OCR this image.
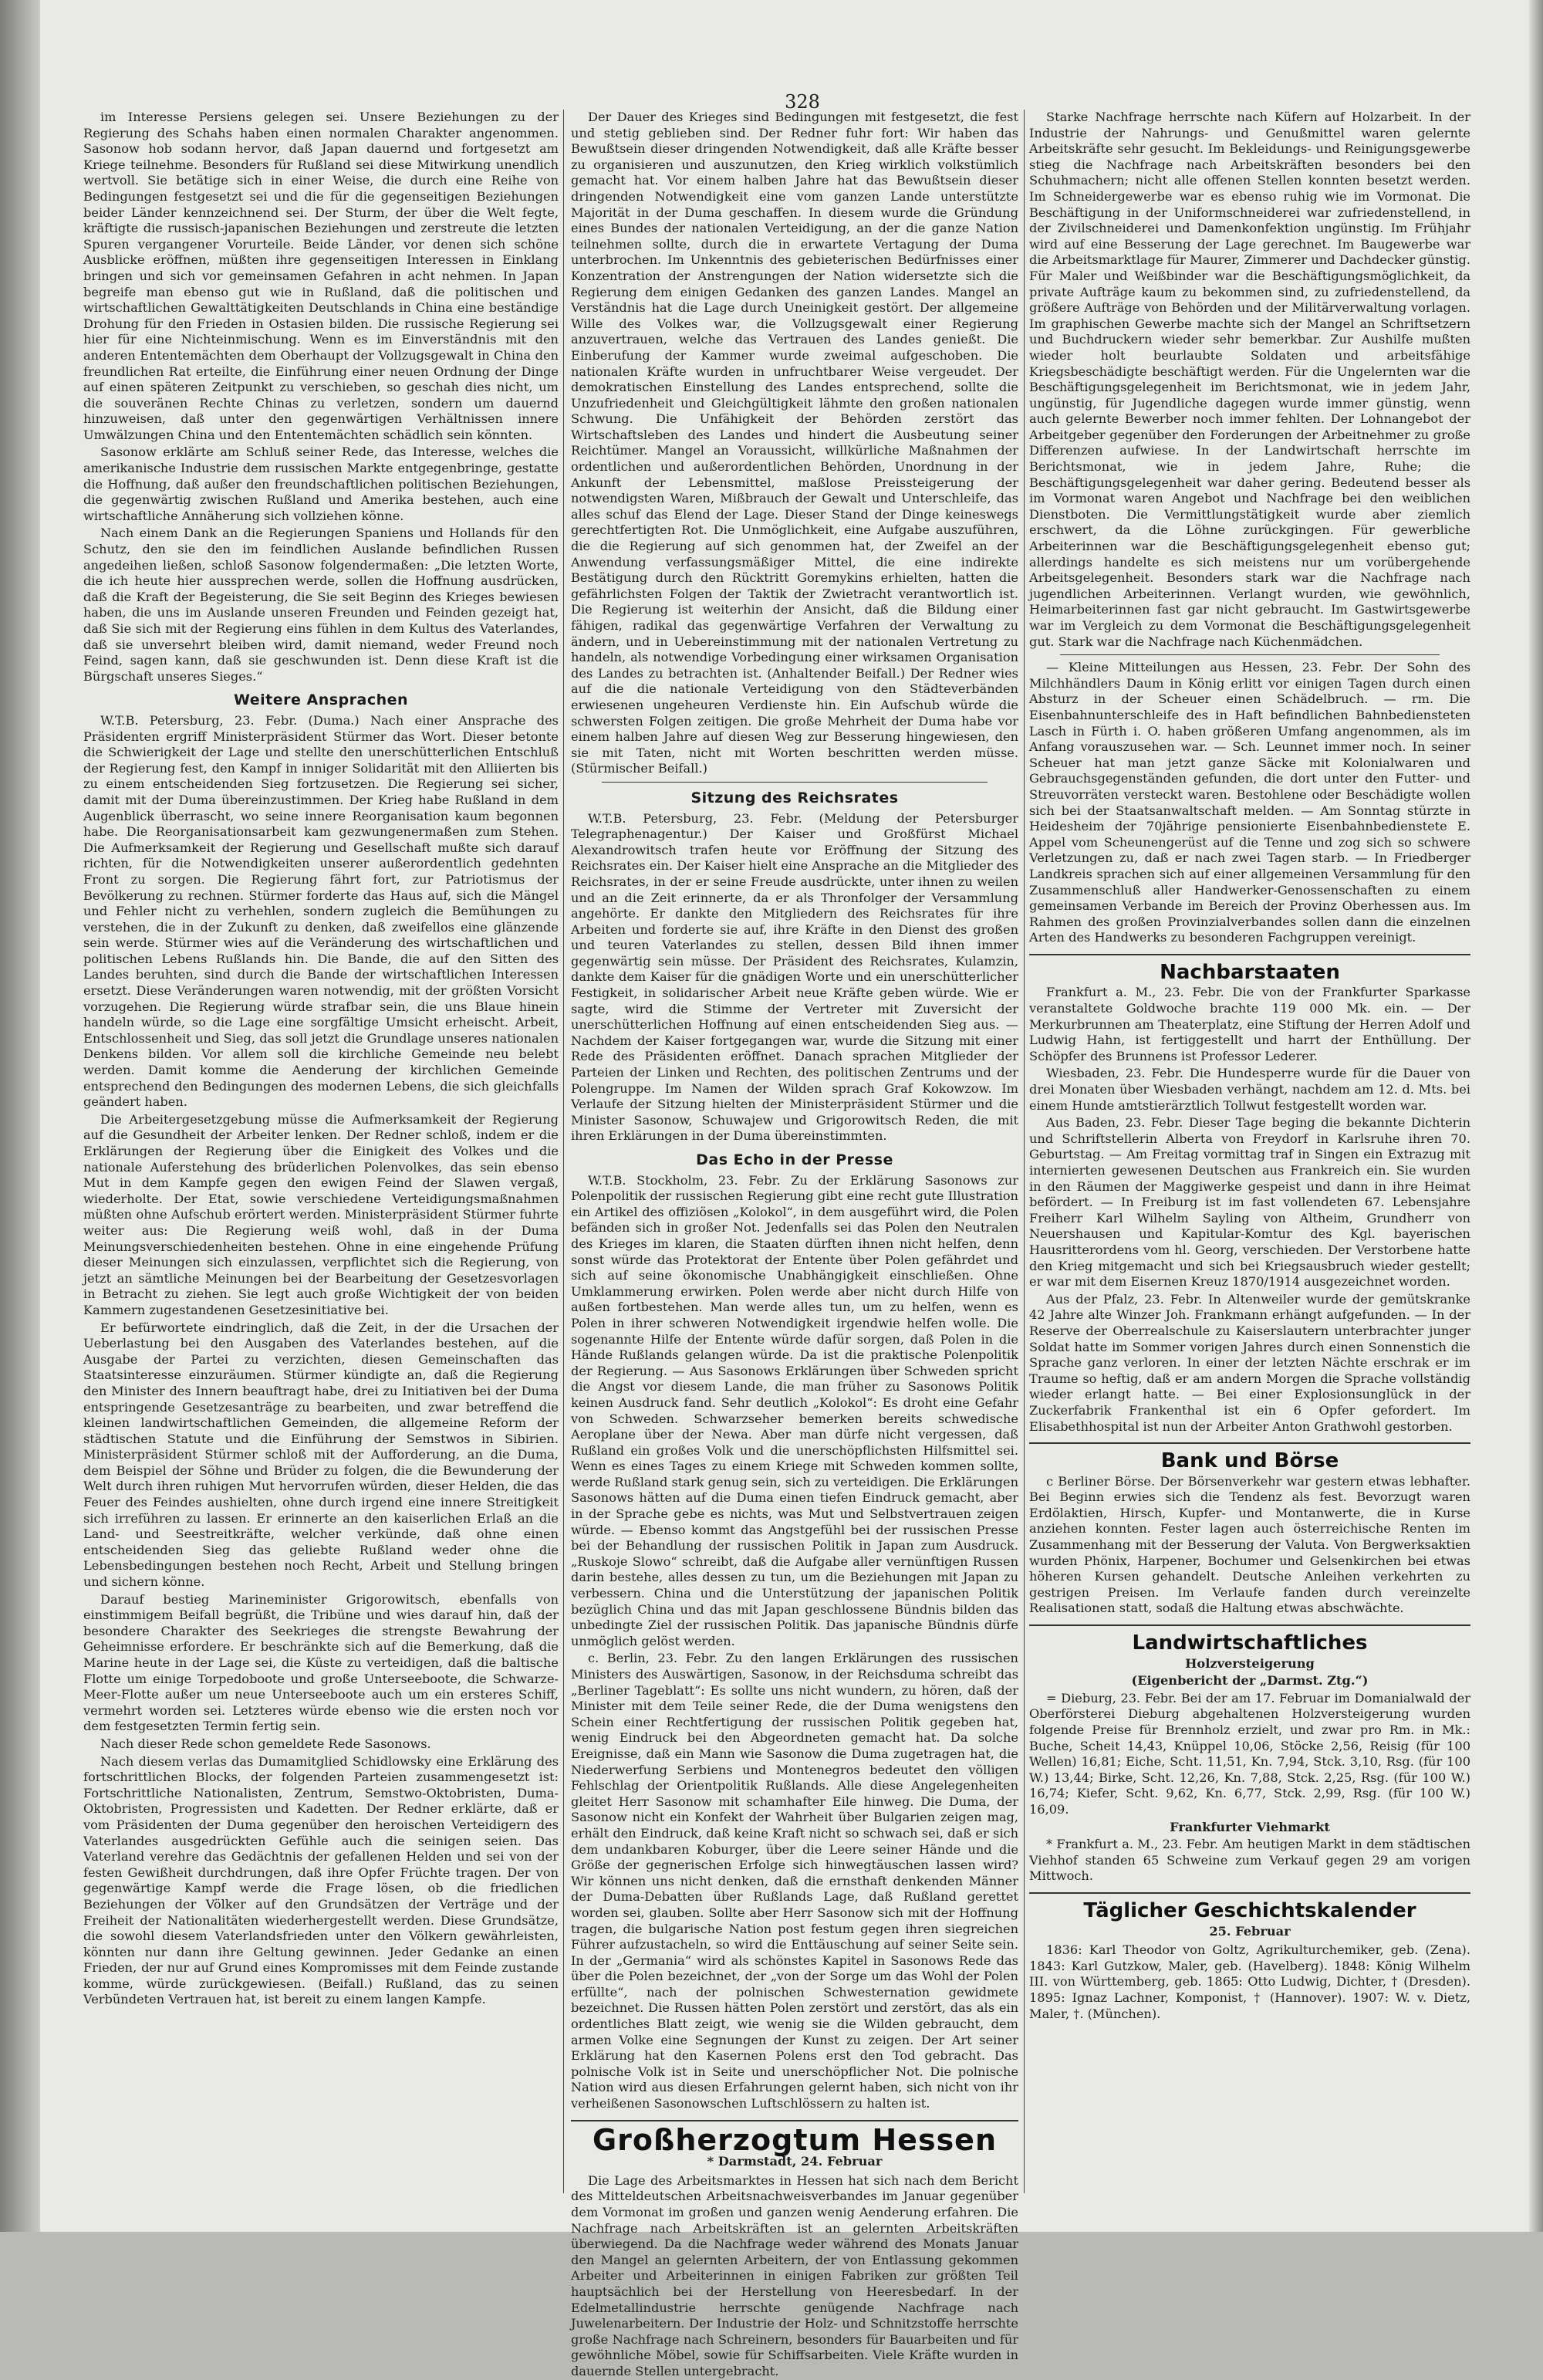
328

im Interesse Persiens gelegen sei. Unsere Beziehungen zu der Regierung des Schahs haben einen normalen Charakter angenommen. Sasonow hob sodann hervor, daß Japan dauernd und fortgesetzt am Kriege teilnehme. Besonders für Rußland sei diese Mitwirkung unendlich wertvoll. Sie betätige sich in einer Weise, die durch eine Reihe von Bedingungen festgesetzt sei und die für die gegenseitigen Beziehungen beider Länder kennzeichnend sei. Der Sturm, der über die Welt fegte, kräftigte die russisch-japanischen Beziehungen und zerstreute die letzten Spuren vergangener Vorurteile. Beide Länder, vor denen sich schöne Ausblicke eröffnen, müßten ihre gegenseitigen Interessen in Einklang bringen und sich vor gemeinsamen Gefahren in acht nehmen. In Japan begreife man ebenso gut wie in Rußland, daß die politischen und wirtschaftlichen Gewalttätigkeiten Deutschlands in China eine beständige Drohung für den Frieden in Ostasien bilden. Die russische Regierung sei hier für eine Nichteinmischung. Wenn es im Einverständnis mit den anderen Ententemächten dem Oberhaupt der Vollzugsgewalt in China den freundlichen Rat erteilte, die Einführung einer neuen Ordnung der Dinge auf einen späteren Zeitpunkt zu verschieben, so geschah dies nicht, um die souveränen Rechte Chinas zu verletzen, sondern um dauernd hinzuweisen, daß unter den gegenwärtigen Verhältnissen innere Umwälzungen China und den Ententemächten schädlich sein könnten.

Sasonow erklärte am Schluß seiner Rede, das Interesse, welches die amerikanische Industrie dem russischen Markte entgegenbringe, gestatte die Hoffnung, daß außer den freundschaftlichen politischen Beziehungen, die gegenwärtig zwischen Rußland und Amerika bestehen, auch eine wirtschaftliche Annäherung sich vollziehen könne.

Nach einem Dank an die Regierungen Spaniens und Hollands für den Schutz, den sie den im feindlichen Auslande befindlichen Russen angedeihen ließen, schloß Sasonow folgendermaßen: „Die letzten Worte, die ich heute hier aussprechen werde, sollen die Hoffnung ausdrücken, daß die Kraft der Begeisterung, die Sie seit Beginn des Krieges bewiesen haben, die uns im Auslande unseren Freunden und Feinden gezeigt hat, daß Sie sich mit der Regierung eins fühlen in dem Kultus des Vaterlandes, daß sie unversehrt bleiben wird, damit niemand, weder Freund noch Feind, sagen kann, daß sie geschwunden ist. Denn diese Kraft ist die Bürgschaft unseres Sieges.“

Weitere Ansprachen

W.T.B. Petersburg, 23. Febr. (Duma.) Nach einer Ansprache des Präsidenten ergriff Ministerpräsident Stürmer das Wort. Dieser betonte die Schwierigkeit der Lage und stellte den unerschütterlichen Entschluß der Regierung fest, den Kampf in inniger Solidarität mit den Alliierten bis zu einem entscheidenden Sieg fortzusetzen. Die Regierung sei sicher, damit mit der Duma übereinzustimmen. Der Krieg habe Rußland in dem Augenblick überrascht, wo seine innere Reorganisation kaum begonnen habe. Die Reorganisationsarbeit kam gezwungenermaßen zum Stehen. Die Aufmerksamkeit der Regierung und Gesellschaft mußte sich darauf richten, für die Notwendigkeiten unserer außerordentlich gedehnten Front zu sorgen. Die Regierung fährt fort, zur Patriotismus der Bevölkerung zu rechnen. Stürmer forderte das Haus auf, sich die Mängel und Fehler nicht zu verhehlen, sondern zugleich die Bemühungen zu verstehen, die in der Zukunft zu denken, daß zweifellos eine glänzende sein werde. Stürmer wies auf die Veränderung des wirtschaftlichen und politischen Lebens Rußlands hin. Die Bande, die auf den Sitten des Landes beruhten, sind durch die Bande der wirtschaftlichen Interessen ersetzt. Diese Veränderungen waren notwendig, mit der größten Vorsicht vorzugehen. Die Regierung würde strafbar sein, die uns Blaue hinein handeln würde, so die Lage eine sorgfältige Umsicht erheischt. Arbeit, Entschlossenheit und Sieg, das soll jetzt die Grundlage unseres nationalen Denkens bilden. Vor allem soll die kirchliche Gemeinde neu belebt werden. Damit komme die Aenderung der kirchlichen Gemeinde entsprechend den Bedingungen des modernen Lebens, die sich gleichfalls geändert haben.

Die Arbeitergesetzgebung müsse die Aufmerksamkeit der Regierung auf die Gesundheit der Arbeiter lenken. Der Redner schloß, indem er die Erklärungen der Regierung über die Einigkeit des Volkes und die nationale Auferstehung des brüderlichen Polenvolkes, das sein ebenso Mut in dem Kampfe gegen den ewigen Feind der Slawen vergaß, wiederholte. Der Etat, sowie verschiedene Verteidigungsmaßnahmen müßten ohne Aufschub erörtert werden. Ministerpräsident Stürmer fuhrte weiter aus: Die Regierung weiß wohl, daß in der Duma Meinungsverschiedenheiten bestehen. Ohne in eine eingehende Prüfung dieser Meinungen sich einzulassen, verpflichtet sich die Regierung, von jetzt an sämtliche Meinungen bei der Bearbeitung der Gesetzesvorlagen in Betracht zu ziehen. Sie legt auch große Wichtigkeit der von beiden Kammern zugestandenen Gesetzesinitiative bei.

Er befürwortete eindringlich, daß die Zeit, in der die Ursachen der Ueberlastung bei den Ausgaben des Vaterlandes bestehen, auf die Ausgabe der Partei zu verzichten, diesen Gemeinschaften das Staatsinteresse einzuräumen. Stürmer kündigte an, daß die Regierung den Minister des Innern beauftragt habe, drei zu Initiativen bei der Duma entspringende Gesetzesanträge zu bearbeiten, und zwar betreffend die kleinen landwirtschaftlichen Gemeinden, die allgemeine Reform der städtischen Statute und die Einführung der Semstwos in Sibirien. Ministerpräsident Stürmer schloß mit der Aufforderung, an die Duma, dem Beispiel der Söhne und Brüder zu folgen, die die Bewunderung der Welt durch ihren ruhigen Mut hervorrufen würden, dieser Helden, die das Feuer des Feindes aushielten, ohne durch irgend eine innere Streitigkeit sich irreführen zu lassen. Er erinnerte an den kaiserlichen Erlaß an die Land- und Seestreitkräfte, welcher verkünde, daß ohne einen entscheidenden Sieg das geliebte Rußland weder ohne die Lebensbedingungen bestehen noch Recht, Arbeit und Stellung bringen und sichern könne.

Darauf bestieg Marineminister Grigorowitsch, ebenfalls von einstimmigem Beifall begrüßt, die Tribüne und wies darauf hin, daß der besondere Charakter des Seekrieges die strengste Bewahrung der Geheimnisse erfordere. Er beschränkte sich auf die Bemerkung, daß die Marine heute in der Lage sei, die Küste zu verteidigen, daß die baltische Flotte um einige Torpedoboote und große Unterseeboote, die Schwarze-Meer-Flotte außer um neue Unterseeboote auch um ein ersteres Schiff, vermehrt worden sei. Letzteres würde ebenso wie die ersten noch vor dem festgesetzten Termin fertig sein.

Nach dieser Rede schon gemeldete Rede Sasonows.

Nach diesem verlas das Dumamitglied Schidlowsky eine Erklärung des fortschrittlichen Blocks, der folgenden Parteien zusammengesetzt ist: Fortschrittliche Nationalisten, Zentrum, Semstwo-Oktobristen, Duma-Oktobristen, Progressisten und Kadetten. Der Redner erklärte, daß er vom Präsidenten der Duma gegenüber den heroischen Verteidigern des Vaterlandes ausgedrückten Gefühle auch die seinigen seien. Das Vaterland verehre das Gedächtnis der gefallenen Helden und sei von der festen Gewißheit durchdrungen, daß ihre Opfer Früchte tragen. Der von gegenwärtige Kampf werde die Frage lösen, ob die friedlichen Beziehungen der Völker auf den Grundsätzen der Verträge und der Freiheit der Nationalitäten wiederhergestellt werden. Diese Grundsätze, die sowohl diesem Vaterlandsfrieden unter den Völkern gewährleisten, könnten nur dann ihre Geltung gewinnen. Jeder Gedanke an einen Frieden, der nur auf Grund eines Kompromisses mit dem Feinde zustande komme, würde zurückgewiesen. (Beifall.) Rußland, das zu seinen Verbündeten Vertrauen hat, ist bereit zu einem langen Kampfe.

Der Dauer des Krieges sind Bedingungen mit festgesetzt, die fest und stetig geblieben sind. Der Redner fuhr fort: Wir haben das Bewußtsein dieser dringenden Notwendigkeit, daß alle Kräfte besser zu organisieren und auszunutzen, den Krieg wirklich volkstümlich gemacht hat. Vor einem halben Jahre hat das Bewußtsein dieser dringenden Notwendigkeit eine vom ganzen Lande unterstützte Majorität in der Duma geschaffen. In diesem wurde die Gründung eines Bundes der nationalen Verteidigung, an der die ganze Nation teilnehmen sollte, durch die in erwartete Vertagung der Duma unterbrochen. Im Unkenntnis des gebieterischen Bedürfnisses einer Konzentration der Anstrengungen der Nation widersetzte sich die Regierung dem einigen Gedanken des ganzen Landes. Mangel an Verständnis hat die Lage durch Uneinigkeit gestört. Der allgemeine Wille des Volkes war, die Vollzugsgewalt einer Regierung anzuvertrauen, welche das Vertrauen des Landes genießt. Die Einberufung der Kammer wurde zweimal aufgeschoben. Die nationalen Kräfte wurden in unfruchtbarer Weise vergeudet. Der demokratischen Einstellung des Landes entsprechend, sollte die Unzufriedenheit und Gleichgültigkeit lähmte den großen nationalen Schwung. Die Unfähigkeit der Behörden zerstört das Wirtschaftsleben des Landes und hindert die Ausbeutung seiner Reichtümer. Mangel an Voraussicht, willkürliche Maßnahmen der ordentlichen und außerordentlichen Behörden, Unordnung in der Ankunft der Lebensmittel, maßlose Preissteigerung der notwendigsten Waren, Mißbrauch der Gewalt und Unterschleife, das alles schuf das Elend der Lage. Dieser Stand der Dinge keineswegs gerechtfertigten Rot. Die Unmöglichkeit, eine Aufgabe auszuführen, die die Regierung auf sich genommen hat, der Zweifel an der Anwendung verfassungsmäßiger Mittel, die eine indirekte Bestätigung durch den Rücktritt Goremykins erhielten, hatten die gefährlichsten Folgen der Taktik der Zwietracht verantwortlich ist. Die Regierung ist weiterhin der Ansicht, daß die Bildung einer fähigen, radikal das gegenwärtige Verfahren der Verwaltung zu ändern, und in Uebereinstimmung mit der nationalen Vertretung zu handeln, als notwendige Vorbedingung einer wirksamen Organisation des Landes zu betrachten ist. (Anhaltender Beifall.) Der Redner wies auf die die nationale Verteidigung von den Städteverbänden erwiesenen ungeheuren Verdienste hin. Ein Aufschub würde die schwersten Folgen zeitigen. Die große Mehrheit der Duma habe vor einem halben Jahre auf diesen Weg zur Besserung hingewiesen, den sie mit Taten, nicht mit Worten beschritten werden müsse. (Stürmischer Beifall.)

Sitzung des Reichsrates

W.T.B. Petersburg, 23. Febr. (Meldung der Petersburger Telegraphenagentur.) Der Kaiser und Großfürst Michael Alexandrowitsch trafen heute vor Eröffnung der Sitzung des Reichsrates ein. Der Kaiser hielt eine Ansprache an die Mitglieder des Reichsrates, in der er seine Freude ausdrückte, unter ihnen zu weilen und an die Zeit erinnerte, da er als Thronfolger der Versammlung angehörte. Er dankte den Mitgliedern des Reichsrates für ihre Arbeiten und forderte sie auf, ihre Kräfte in den Dienst des großen und teuren Vaterlandes zu stellen, dessen Bild ihnen immer gegenwärtig sein müsse. Der Präsident des Reichsrates, Kulamzin, dankte dem Kaiser für die gnädigen Worte und ein unerschütterlicher Festigkeit, in solidarischer Arbeit neue Kräfte geben würde. Wie er sagte, wird die Stimme der Vertreter mit Zuversicht der unerschütterlichen Hoffnung auf einen entscheidenden Sieg aus. — Nachdem der Kaiser fortgegangen war, wurde die Sitzung mit einer Rede des Präsidenten eröffnet. Danach sprachen Mitglieder der Parteien der Linken und Rechten, des politischen Zentrums und der Polengruppe. Im Namen der Wilden sprach Graf Kokowzow. Im Verlaufe der Sitzung hielten der Ministerpräsident Stürmer und die Minister Sasonow, Schuwajew und Grigorowitsch Reden, die mit ihren Erklärungen in der Duma übereinstimmten.

Das Echo in der Presse

W.T.B. Stockholm, 23. Febr. Zu der Erklärung Sasonows zur Polenpolitik der russischen Regierung gibt eine recht gute Illustration ein Artikel des offiziösen „Kolokol“, in dem ausgeführt wird, die Polen befänden sich in großer Not. Jedenfalls sei das Polen den Neutralen des Krieges im klaren, die Staaten dürften ihnen nicht helfen, denn sonst würde das Protektorat der Entente über Polen gefährdet und sich auf seine ökonomische Unabhängigkeit einschließen. Ohne Umklammerung erwirken. Polen werde aber nicht durch Hilfe von außen fortbestehen. Man werde alles tun, um zu helfen, wenn es Polen in ihrer schweren Notwendigkeit irgendwie helfen wolle. Die sogenannte Hilfe der Entente würde dafür sorgen, daß Polen in die Hände Rußlands gelangen würde. Da ist die praktische Polenpolitik der Regierung. — Aus Sasonows Erklärungen über Schweden spricht die Angst vor diesem Lande, die man früher zu Sasonows Politik keinen Ausdruck fand. Sehr deutlich „Kolokol“: Es droht eine Gefahr von Schweden. Schwarzseher bemerken bereits schwedische Aeroplane über der Newa. Aber man dürfe nicht vergessen, daß Rußland ein großes Volk und die unerschöpflichsten Hilfsmittel sei. Wenn es eines Tages zu einem Kriege mit Schweden kommen sollte, werde Rußland stark genug sein, sich zu verteidigen. Die Erklärungen Sasonows hätten auf die Duma einen tiefen Eindruck gemacht, aber in der Sprache gebe es nichts, was Mut und Selbstvertrauen zeigen würde. — Ebenso kommt das Angstgefühl bei der russischen Presse bei der Behandlung der russischen Politik in Japan zum Ausdruck. „Ruskoje Slowo“ schreibt, daß die Aufgabe aller vernünftigen Russen darin bestehe, alles dessen zu tun, um die Beziehungen mit Japan zu verbessern. China und die Unterstützung der japanischen Politik bezüglich China und das mit Japan geschlossene Bündnis bilden das unbedingte Ziel der russischen Politik. Das japanische Bündnis dürfe unmöglich gelöst werden.

c. Berlin, 23. Febr. Zu den langen Erklärungen des russischen Ministers des Auswärtigen, Sasonow, in der Reichsduma schreibt das „Berliner Tageblatt“: Es sollte uns nicht wundern, zu hören, daß der Minister mit dem Teile seiner Rede, die der Duma wenigstens den Schein einer Rechtfertigung der russischen Politik gegeben hat, wenig Eindruck bei den Abgeordneten gemacht hat. Da solche Ereignisse, daß ein Mann wie Sasonow die Duma zugetragen hat, die Niederwerfung Serbiens und Montenegros bedeutet den völligen Fehlschlag der Orientpolitik Rußlands. Alle diese Angelegenheiten gleitet Herr Sasonow mit schamhafter Eile hinweg. Die Duma, der Sasonow nicht ein Konfekt der Wahrheit über Bulgarien zeigen mag, erhält den Eindruck, daß keine Kraft nicht so schwach sei, daß er sich dem undankbaren Koburger, über die Leere seiner Hände und die Größe der gegnerischen Erfolge sich hinwegtäuschen lassen wird? Wir können uns nicht denken, daß die ernsthaft denkenden Männer der Duma-Debatten über Rußlands Lage, daß Rußland gerettet worden sei, glauben. Sollte aber Herr Sasonow sich mit der Hoffnung tragen, die bulgarische Nation post festum gegen ihren siegreichen Führer aufzustacheln, so wird die Enttäuschung auf seiner Seite sein. In der „Germania“ wird als schönstes Kapitel in Sasonows Rede das über die Polen bezeichnet, der „von der Sorge um das Wohl der Polen erfüllte“, nach der polnischen Schwesternation gewidmete bezeichnet. Die Russen hätten Polen zerstört und zerstört, das als ein ordentliches Blatt zeigt, wie wenig sie die Wilden gebraucht, dem armen Volke eine Segnungen der Kunst zu zeigen. Der Art seiner Erklärung hat den Kasernen Polens erst den Tod gebracht. Das polnische Volk ist in Seite und unerschöpflicher Not. Die polnische Nation wird aus diesen Erfahrungen gelernt haben, sich nicht von ihr verheißenen Sasonowschen Luftschlössern zu halten ist.

Großherzogtum Hessen
* Darmstadt, 24. Februar

Die Lage des Arbeitsmarktes in Hessen hat sich nach dem Bericht des Mitteldeutschen Arbeitsnachweisverbandes im Januar gegenüber dem Vormonat im großen und ganzen wenig Aenderung erfahren. Die Nachfrage nach Arbeitskräften ist an gelernten Arbeitskräften überwiegend. Da die Nachfrage weder während des Monats Januar den Mangel an gelernten Arbeitern, der von Entlassung gekommen Arbeiter und Arbeiterinnen in einigen Fabriken zur größten Teil hauptsächlich bei der Herstellung von Heeresbedarf. In der Edelmetallindustrie herrschte genügende Nachfrage nach Juwelenarbeitern. Der Industrie der Holz- und Schnitzstoffe herrschte große Nachfrage nach Schreinern, besonders für Bauarbeiten und für gewöhnliche Möbel, sowie für Schiffsarbeiten. Viele Kräfte wurden in dauernde Stellen untergebracht.

Starke Nachfrage herrschte nach Küfern auf Holzarbeit. In der Industrie der Nahrungs- und Genußmittel waren gelernte Arbeitskräfte sehr gesucht. Im Bekleidungs- und Reinigungsgewerbe stieg die Nachfrage nach Arbeitskräften besonders bei den Schuhmachern; nicht alle offenen Stellen konnten besetzt werden. Im Schneidergewerbe war es ebenso ruhig wie im Vormonat. Die Beschäftigung in der Uniformschneiderei war zufriedenstellend, in der Zivilschneiderei und Damenkonfektion ungünstig. Im Frühjahr wird auf eine Besserung der Lage gerechnet. Im Baugewerbe war die Arbeitsmarktlage für Maurer, Zimmerer und Dachdecker günstig. Für Maler und Weißbinder war die Beschäftigungsmöglichkeit, da private Aufträge kaum zu bekommen sind, zu zufriedenstellend, da größere Aufträge von Behörden und der Militärverwaltung vorlagen. Im graphischen Gewerbe machte sich der Mangel an Schriftsetzern und Buchdruckern wieder sehr bemerkbar. Zur Aushilfe mußten wieder holt beurlaubte Soldaten und arbeitsfähige Kriegsbeschädigte beschäftigt werden. Für die Ungelernten war die Beschäftigungsgelegenheit im Berichtsmonat, wie in jedem Jahr, ungünstig, für Jugendliche dagegen wurde immer günstig, wenn auch gelernte Bewerber noch immer fehlten. Der Lohnangebot der Arbeitgeber gegenüber den Forderungen der Arbeitnehmer zu große Differenzen aufwiese. In der Landwirtschaft herrschte im Berichtsmonat, wie in jedem Jahre, Ruhe; die Beschäftigungsgelegenheit war daher gering. Bedeutend besser als im Vormonat waren Angebot und Nachfrage bei den weiblichen Dienstboten. Die Vermittlungstätigkeit wurde aber ziemlich erschwert, da die Löhne zurückgingen. Für gewerbliche Arbeiterinnen war die Beschäftigungsgelegenheit ebenso gut; allerdings handelte es sich meistens nur um vorübergehende Arbeitsgelegenheit. Besonders stark war die Nachfrage nach jugendlichen Arbeiterinnen. Verlangt wurden, wie gewöhnlich, Heimarbeiterinnen fast gar nicht gebraucht. Im Gastwirtsgewerbe war im Vergleich zu dem Vormonat die Beschäftigungsgelegenheit gut. Stark war die Nachfrage nach Küchenmädchen.

— Kleine Mitteilungen aus Hessen, 23. Febr. Der Sohn des Milchhändlers Daum in König erlitt vor einigen Tagen durch einen Absturz in der Scheuer einen Schädelbruch. — rm. Die Eisenbahnunterschleife des in Haft befindlichen Bahnbediensteten Lasch in Fürth i. O. haben größeren Umfang angenommen, als im Anfang vorauszusehen war. — Sch. Leunnet immer noch. In seiner Scheuer hat man jetzt ganze Säcke mit Kolonialwaren und Gebrauchsgegenständen gefunden, die dort unter den Futter- und Streuvorräten versteckt waren. Bestohlene oder Beschädigte wollen sich bei der Staatsanwaltschaft melden. — Am Sonntag stürzte in Heidesheim der 70jährige pensionierte Eisenbahnbedienstete E. Appel vom Scheunengerüst auf die Tenne und zog sich so schwere Verletzungen zu, daß er nach zwei Tagen starb. — In Friedberger Landkreis sprachen sich auf einer allgemeinen Versammlung für den Zusammenschluß aller Handwerker-Genossenschaften zu einem gemeinsamen Verbande im Bereich der Provinz Oberhessen aus. Im Rahmen des großen Provinzialverbandes sollen dann die einzelnen Arten des Handwerks zu besonderen Fachgruppen vereinigt.

Nachbarstaaten

Frankfurt a. M., 23. Febr. Die von der Frankfurter Sparkasse veranstaltete Goldwoche brachte 119 000 Mk. ein. — Der Merkurbrunnen am Theaterplatz, eine Stiftung der Herren Adolf und Ludwig Hahn, ist fertiggestellt und harrt der Enthüllung. Der Schöpfer des Brunnens ist Professor Lederer.

Wiesbaden, 23. Febr. Die Hundesperre wurde für die Dauer von drei Monaten über Wiesbaden verhängt, nachdem am 12. d. Mts. bei einem Hunde amtstierärztlich Tollwut festgestellt worden war.

Aus Baden, 23. Febr. Dieser Tage beging die bekannte Dichterin und Schriftstellerin Alberta von Freydorf in Karlsruhe ihren 70. Geburtstag. — Am Freitag vormittag traf in Singen ein Extrazug mit internierten gewesenen Deutschen aus Frankreich ein. Sie wurden in den Räumen der Maggiwerke gespeist und dann in ihre Heimat befördert. — In Freiburg ist im fast vollendeten 67. Lebensjahre Freiherr Karl Wilhelm Sayling von Altheim, Grundherr von Neuershausen und Kapitular-Komtur des Kgl. bayerischen Hausritterordens vom hl. Georg, verschieden. Der Verstorbene hatte den Krieg mitgemacht und sich bei Kriegsausbruch wieder gestellt; er war mit dem Eisernen Kreuz 1870/1914 ausgezeichnet worden.

Aus der Pfalz, 23. Febr. In Altenweiler wurde der gemütskranke 42 Jahre alte Winzer Joh. Frankmann erhängt aufgefunden. — In der Reserve der Oberrealschule zu Kaiserslautern unterbrachter junger Soldat hatte im Sommer vorigen Jahres durch einen Sonnenstich die Sprache ganz verloren. In einer der letzten Nächte erschrak er im Traume so heftig, daß er am andern Morgen die Sprache vollständig wieder erlangt hatte. — Bei einer Explosionsunglück in der Zuckerfabrik Frankenthal ist ein 6 Opfer gefordert. Im Elisabethhospital ist nun der Arbeiter Anton Grathwohl gestorben.

Bank und Börse

c Berliner Börse. Der Börsenverkehr war gestern etwas lebhafter. Bei Beginn erwies sich die Tendenz als fest. Bevorzugt waren Erdölaktien, Hirsch, Kupfer- und Montanwerte, die in Kurse anziehen konnten. Fester lagen auch österreichische Renten im Zusammenhang mit der Besserung der Valuta. Von Bergwerksaktien wurden Phönix, Harpener, Bochumer und Gelsenkirchen bei etwas höheren Kursen gehandelt. Deutsche Anleihen verkehrten zu gestrigen Preisen. Im Verlaufe fanden durch vereinzelte Realisationen statt, sodaß die Haltung etwas abschwächte.

Landwirtschaftliches
Holzversteigerung
(Eigenbericht der „Darmst. Ztg.“)

= Dieburg, 23. Febr. Bei der am 17. Februar im Domanialwald der Oberförsterei Dieburg abgehaltenen Holzversteigerung wurden folgende Preise für Brennholz erzielt, und zwar pro Rm. in Mk.: Buche, Scheit 14,43, Knüppel 10,06, Stöcke 2,56, Reisig (für 100 Wellen) 16,81; Eiche, Scht. 11,51, Kn. 7,94, Stck. 3,10, Rsg. (für 100 W.) 13,44; Birke, Scht. 12,26, Kn. 7,88, Stck. 2,25, Rsg. (für 100 W.) 16,74; Kiefer, Scht. 9,62, Kn. 6,77, Stck. 2,99, Rsg. (für 100 W.) 16,09.

Frankfurter Viehmarkt

* Frankfurt a. M., 23. Febr. Am heutigen Markt in dem städtischen Viehhof standen 65 Schweine zum Verkauf gegen 29 am vorigen Mittwoch.

Täglicher Geschichtskalender
25. Februar

1836: Karl Theodor von Goltz, Agrikulturchemiker, geb. (Zena). 1843: Karl Gutzkow, Maler, geb. (Havelberg). 1848: König Wilhelm III. von Württemberg, geb. 1865: Otto Ludwig, Dichter, † (Dresden). 1895: Ignaz Lachner, Komponist, † (Hannover). 1907: W. v. Dietz, Maler, †. (München).
